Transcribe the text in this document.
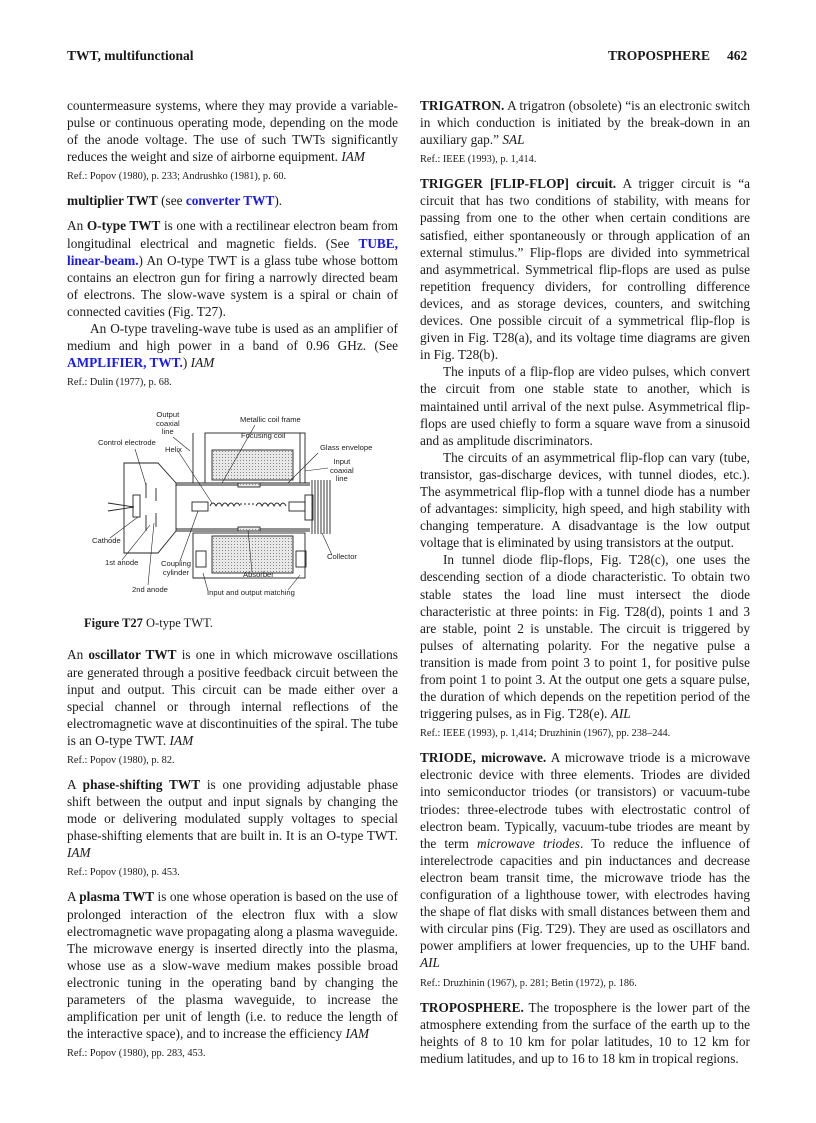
TWT, multifunctional	TROPOSPHERE 462

countermeasure systems, where they may provide a variable-pulse or continuous operating mode, depending on the mode of the anode voltage. The use of such TWTs significantly reduces the weight and size of airborne equipment. IAM

Ref.: Popov (1980), p. 233; Andrushko (1981), p. 60.

multiplier TWT (see converter TWT).

An O-type TWT is one with a rectilinear electron beam from longitudinal electrical and magnetic fields. (See TUBE, linear-beam.) An O-type TWT is a glass tube whose bottom contains an electron gun for firing a narrowly directed beam of electrons. The slow-wave system is a spiral or chain of connected cavities (Fig. T27).

An O-type traveling-wave tube is used as an amplifier of medium and high power in a band of 0.96 GHz. (See AMPLIFIER, TWT.) IAM

Ref.: Dulin (1977), p. 68.

Output
coaxial
line
Metallic coil frame
Focusing coil
Control electrode
Helix	Glass envelope
Input
coaxial
line
Cathode
1st anode	Coupling
cylinder
Collector
Absorber
2nd anode	Input and output matching

Figure T27 O-type TWT.

An oscillator TWT is one in which microwave oscillations are generated through a positive feedback circuit between the input and output. This circuit can be made either over a special channel or through internal reflections of the electromagnetic wave at discontinuities of the spiral. The tube is an O-type TWT. IAM

Ref.: Popov (1980), p. 82.

A phase-shifting TWT is one providing adjustable phase shift between the output and input signals by changing the mode or delivering modulated supply voltages to special phase-shifting elements that are built in. It is an O-type TWT. IAM

Ref.: Popov (1980), p. 453.

A plasma TWT is one whose operation is based on the use of prolonged interaction of the electron flux with a slow electromagnetic wave propagating along a plasma waveguide. The microwave energy is inserted directly into the plasma, whose use as a slow-wave medium makes possible broad electronic tuning in the operating band by changing the parameters of the plasma waveguide, to increase the amplification per unit of length (i.e. to reduce the length of the interactive space), and to increase the efficiency IAM

Ref.: Popov (1980), pp. 283, 453.

TRIGATRON. A trigatron (obsolete) “is an electronic switch in which conduction is initiated by the break-down in an auxiliary gap.” SAL

Ref.: IEEE (1993), p. 1,414.

TRIGGER [FLIP-FLOP] circuit. A trigger circuit is “a circuit that has two conditions of stability, with means for passing from one to the other when certain conditions are satisfied, either spontaneously or through application of an external stimulus.” Flip-flops are divided into symmetrical and asymmetrical. Symmetrical flip-flops are used as pulse repetition frequency dividers, for controlling difference devices, and as storage devices, counters, and switching devices. One possible circuit of a symmetrical flip-flop is given in Fig. T28(a), and its voltage time diagrams are given in Fig. T28(b).

The inputs of a flip-flop are video pulses, which convert the circuit from one stable state to another, which is maintained until arrival of the next pulse. Asymmetrical flip-flops are used chiefly to form a square wave from a sinusoid and as amplitude discriminators.

The circuits of an asymmetrical flip-flop can vary (tube, transistor, gas-discharge devices, with tunnel diodes, etc.). The asymmetrical flip-flop with a tunnel diode has a number of advantages: simplicity, high speed, and high stability with changing temperature. A disadvantage is the low output voltage that is eliminated by using transistors at the output.

In tunnel diode flip-flops, Fig. T28(c), one uses the descending section of a diode characteristic. To obtain two stable states the load line must intersect the diode characteristic at three points: in Fig. T28(d), points 1 and 3 are stable, point 2 is unstable. The circuit is triggered by pulses of alternating polarity. For the negative pulse a transition is made from point 3 to point 1, for positive pulse from point 1 to point 3. At the output one gets a square pulse, the duration of which depends on the repetition period of the triggering pulses, as in Fig. T28(e). AIL

Ref.: IEEE (1993), p. 1,414; Druzhinin (1967), pp. 238–244.

TRIODE, microwave. A microwave triode is a microwave electronic device with three elements. Triodes are divided into semiconductor triodes (or transistors) or vacuum-tube triodes: three-electrode tubes with electrostatic control of electron beam. Typically, vacuum-tube triodes are meant by the term microwave triodes. To reduce the influence of interelectrode capacities and pin inductances and decrease electron beam transit time, the microwave triode has the configuration of a lighthouse tower, with electrodes having the shape of flat disks with small distances between them and with circular pins (Fig. T29). They are used as oscillators and power amplifiers at lower frequencies, up to the UHF band. AIL

Ref.: Druzhinin (1967), p. 281; Betin (1972), p. 186.

TROPOSPHERE. The troposphere is the lower part of the atmosphere extending from the surface of the earth up to the heights of 8 to 10 km for polar latitudes, 10 to 12 km for medium latitudes, and up to 16 to 18 km in tropical regions.
